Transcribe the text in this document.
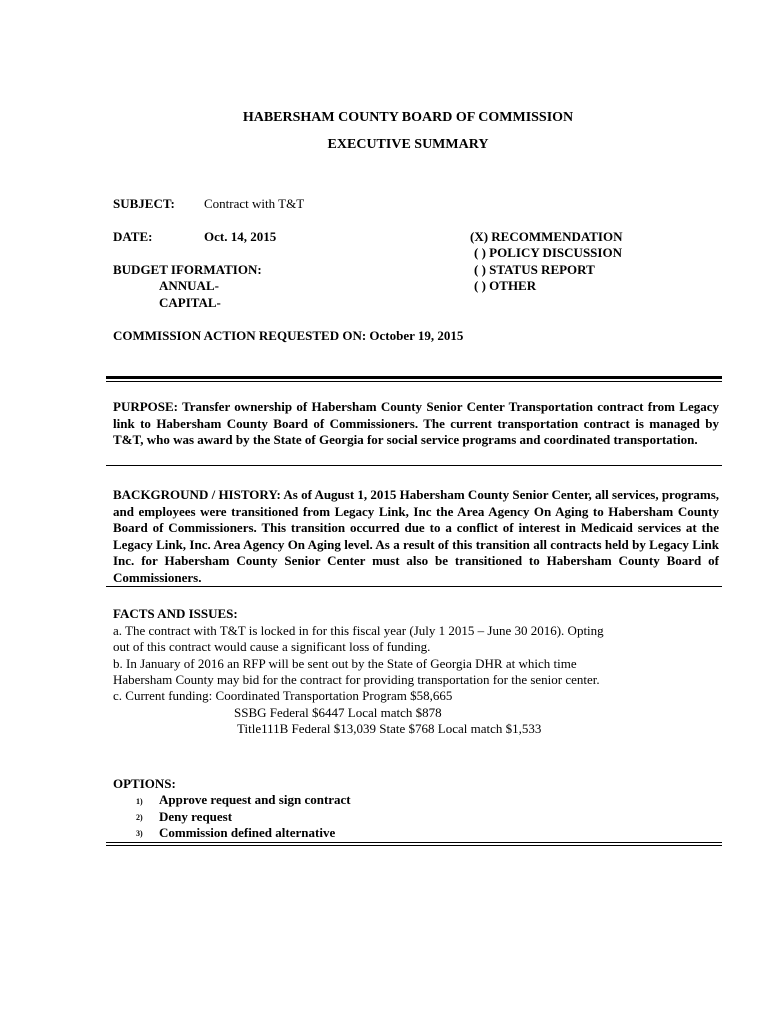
HABERSHAM COUNTY BOARD OF COMMISSION
EXECUTIVE SUMMARY
SUBJECT: Contract with T&T
DATE:	Oct. 14, 2015	(X) RECOMMENDATION
( ) POLICY DISCUSSION
( ) STATUS REPORT
( ) OTHER
BUDGET IFORMATION:
ANNUAL-
CAPITAL-
COMMISSION ACTION REQUESTED ON: October 19, 2015
PURPOSE: Transfer ownership of Habersham County Senior Center Transportation contract from Legacy link to Habersham County Board of Commissioners. The current transportation contract is managed by T&T, who was award by the State of Georgia for social service programs and coordinated transportation.
BACKGROUND / HISTORY: As of August 1, 2015 Habersham County Senior Center, all services, programs, and employees were transitioned from Legacy Link, Inc the Area Agency On Aging to Habersham County Board of Commissioners. This transition occurred due to a conflict of interest in Medicaid services at the Legacy Link, Inc. Area Agency On Aging level. As a result of this transition all contracts held by Legacy Link Inc. for Habersham County Senior Center must also be transitioned to Habersham County Board of Commissioners.
FACTS AND ISSUES:
a. The contract with T&T is locked in for this fiscal year (July 1 2015 – June 30 2016). Opting
out of this contract would cause a significant loss of funding.
b. In January of 2016 an RFP will be sent out by the State of Georgia DHR at which time
Habersham County may bid for the contract for providing transportation for the senior center.
c. Current funding: Coordinated Transportation Program $58,665
SSBG Federal $6447 Local match $878
Title111B Federal $13,039 State $768 Local match $1,533
OPTIONS:
1) Approve request and sign contract
2) Deny request
3) Commission defined alternative
